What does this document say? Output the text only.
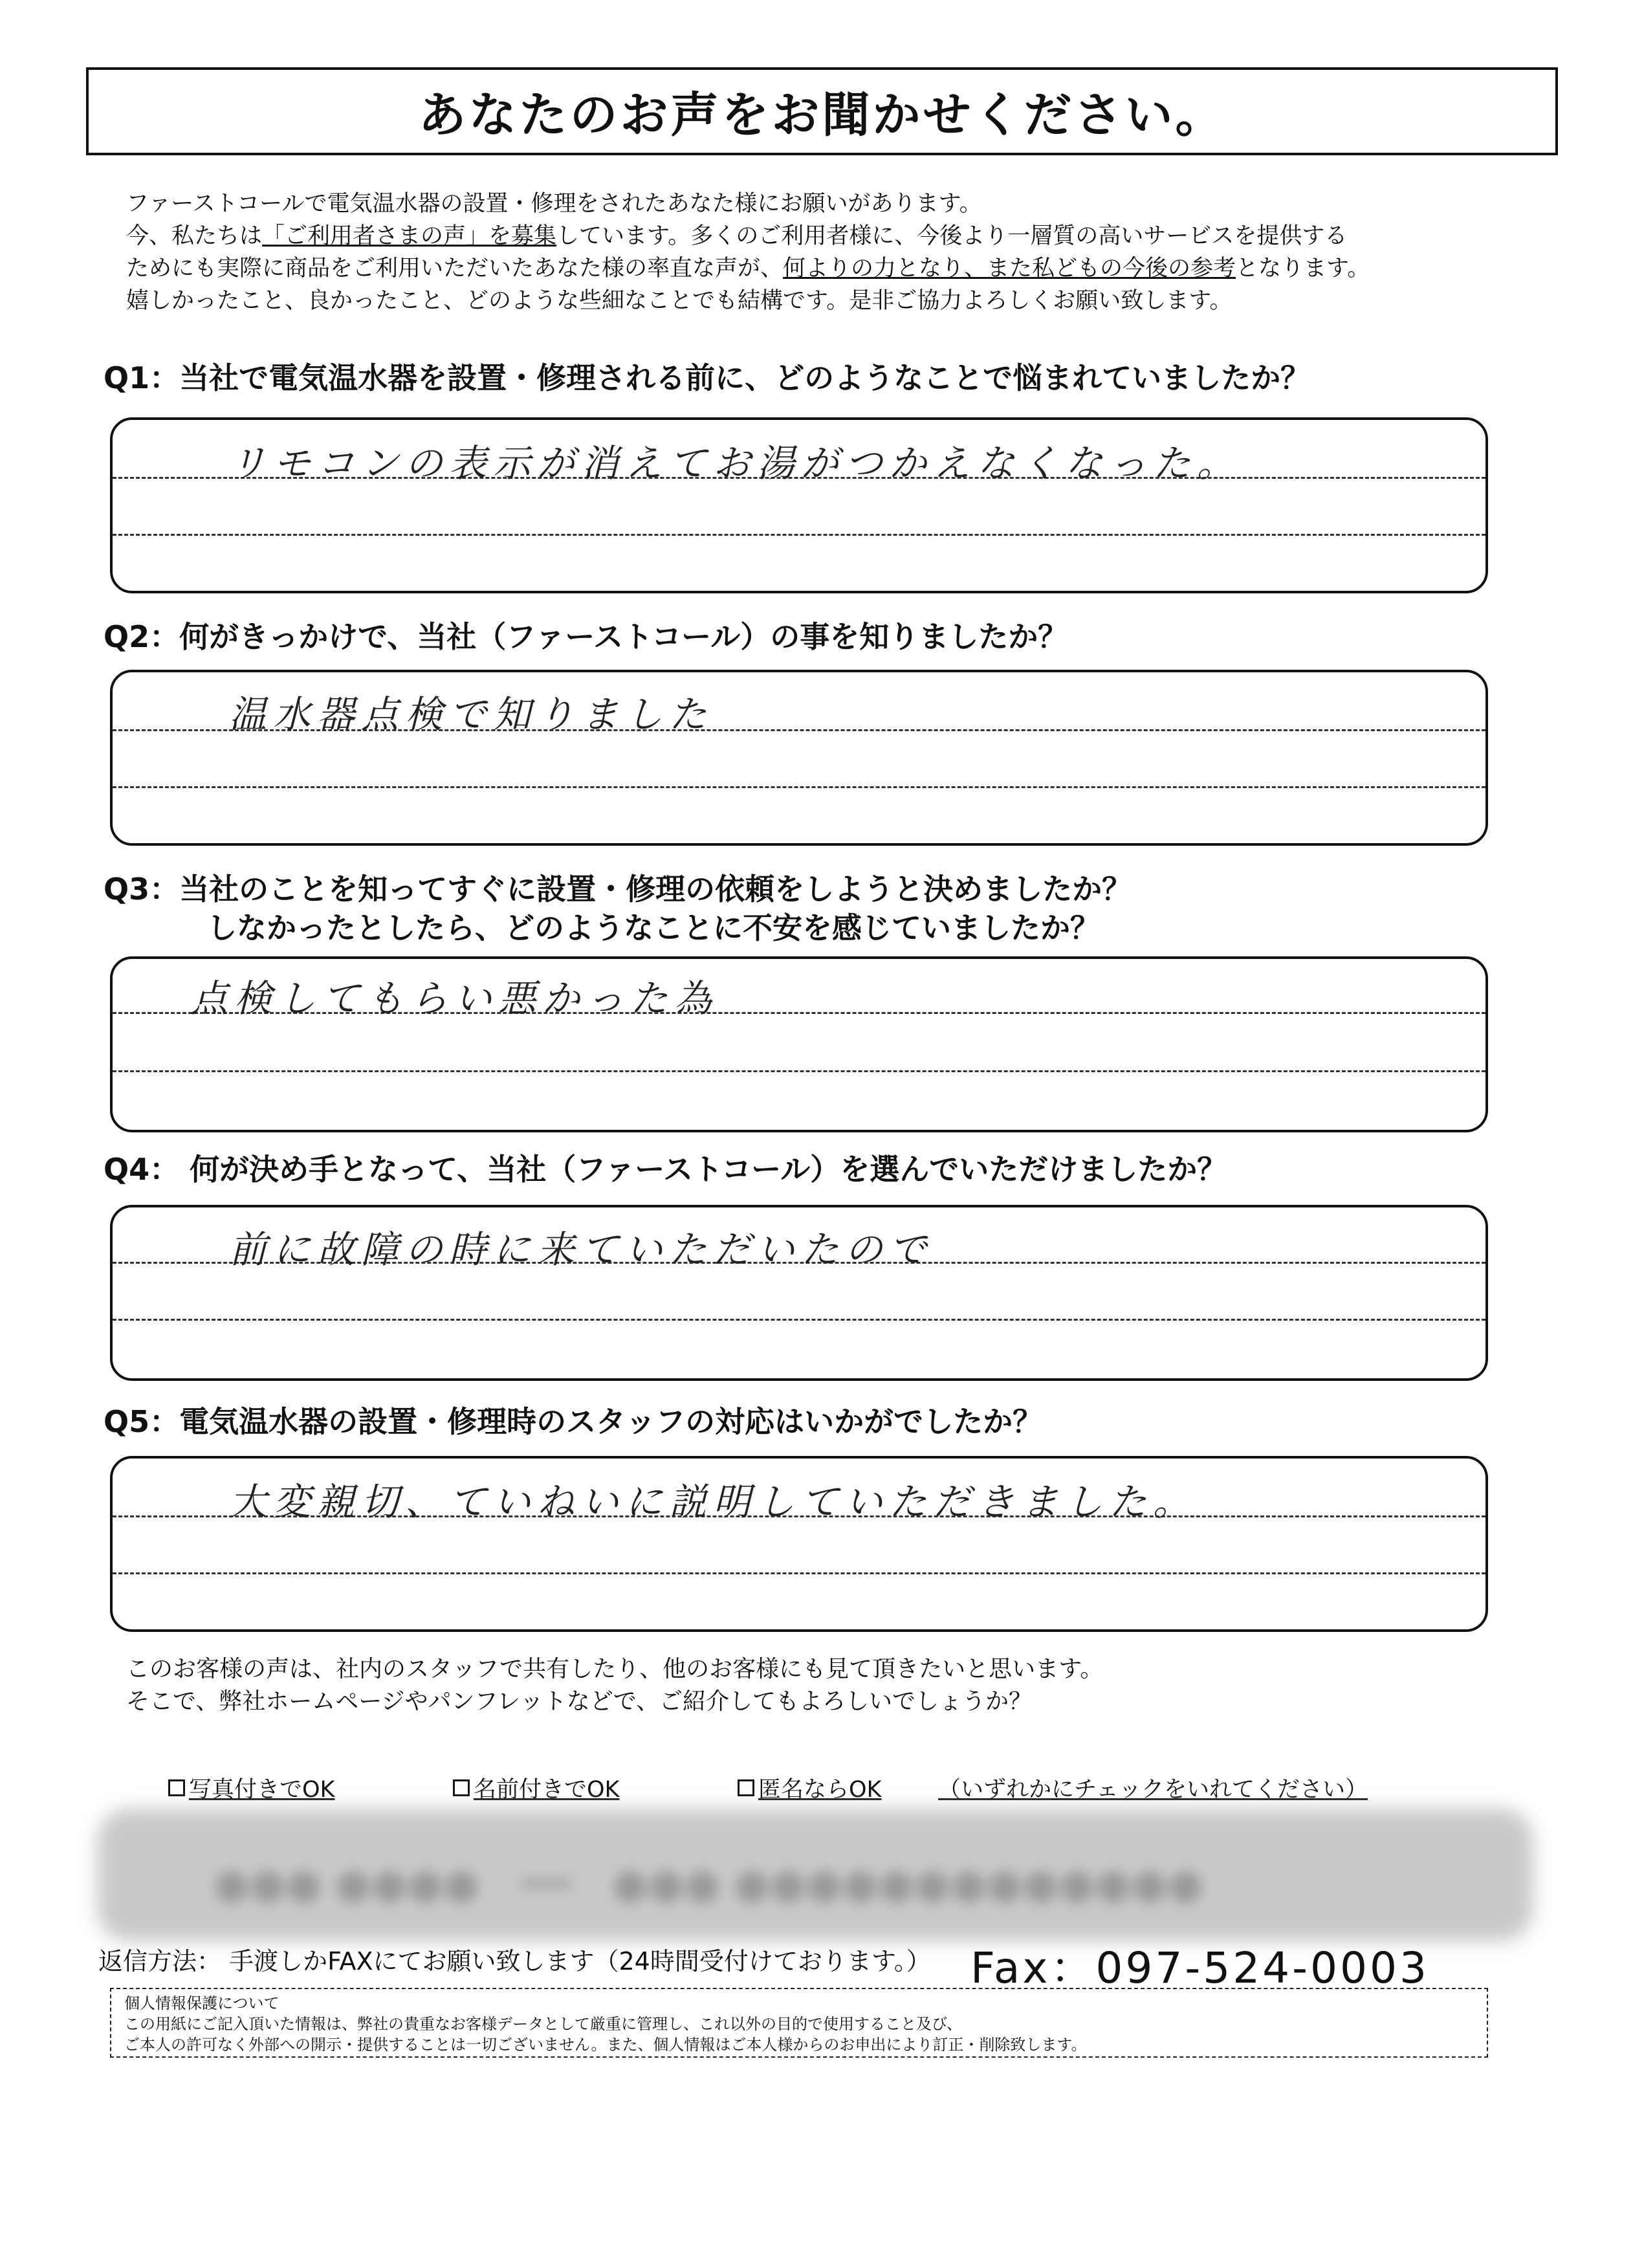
あなたのお声をお聞かせください。

ファーストコールで電気温水器の設置・修理をされたあなた様にお願いがあります。

今、私たちは「ご利用者さまの声」を募集しています。多くのご利用者様に、今後より一層質の高いサービスを提供する

ためにも実際に商品をご利用いただいたあなた様の率直な声が、何よりの力となり、また私どもの今後の参考となります。

嬉しかったこと、良かったこと、どのような些細なことでも結構です。是非ご協力よろしくお願い致します。

Q1：当社で電気温水器を設置・修理される前に、どのようなことで悩まれていましたか？
リモコンの表示が消えてお湯がつかえなくなった。
Q2：何がきっかけで、当社（ファーストコール）の事を知りましたか？
温水器点検で知りました
Q3：当社のことを知ってすぐに設置・修理の依頼をしようと決めましたか？
しなかったとしたら、どのようなことに不安を感じていましたか？
点検してもらい悪かった為
Q4： 何が決め手となって、当社（ファーストコール）を選んでいただけましたか？
前に故障の時に来ていただいたので
Q5：電気温水器の設置・修理時のスタッフの対応はいかがでしたか？
大変親切、ていねいに説明していただきました。

このお客様の声は、社内のスタッフで共有したり、他のお客様にも見て頂きたいと思います。

そこで、弊社ホームページやパンフレットなどで、ご紹介してもよろしいでしょうか？

写真付きでOK	名前付きでOK	匿名ならOK （いずれかにチェックをいれてください）
●●● ●●●●　━━　●●● ●●●●●●●●●●●●●
返信方法： 手渡しかFAXにてお願い致します（24時間受付けております。） Fax：097-524-0003

個人情報保護について

この用紙にご記入頂いた情報は、弊社の貴重なお客様データとして厳重に管理し、これ以外の目的で使用すること及び、

ご本人の許可なく外部への開示・提供することは一切ございません。また、個人情報はご本人様からのお申出により訂正・削除致します。
